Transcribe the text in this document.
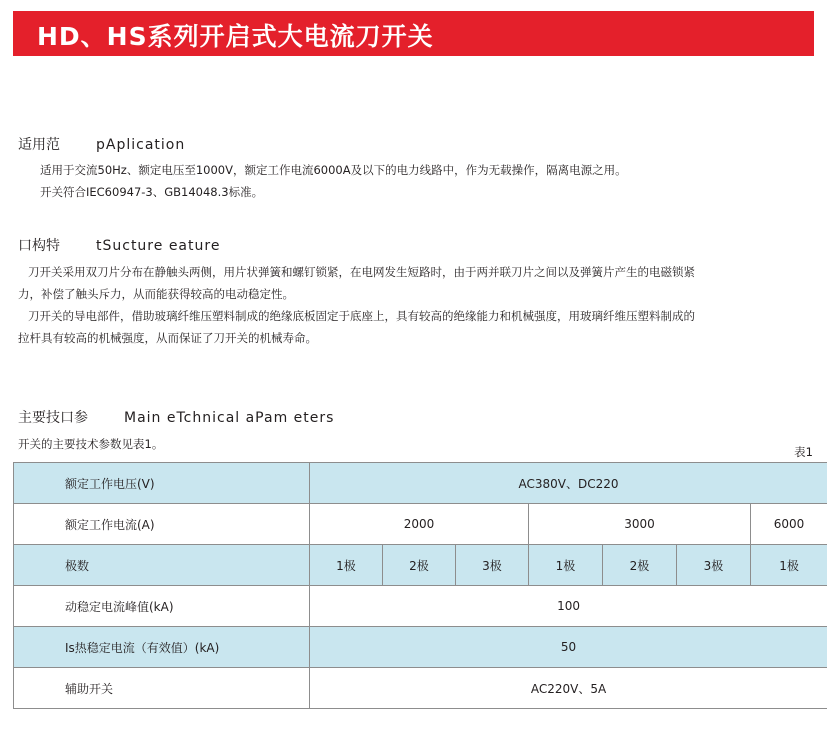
HD、HS系列开启式大电流刀开关
适用范	pAplication
适用于交流50Hz、额定电压至1000V，额定工作电流6000A及以下的电力线路中，作为无载操作，隔离电源之用。
开关符合IEC60947-3、GB14048.3标准。
口构特	tSucture eature
刀开关采用双刀片分布在静触头两侧，用片状弹簧和螺钉锁紧，在电网发生短路时，由于两并联刀片之间以及弹簧片产生的电磁锁紧
力，补偿了触头斥力，从而能获得较高的电动稳定性。
刀开关的导电部件，借助玻璃纤维压塑料制成的绝缘底板固定于底座上，具有较高的绝缘能力和机械强度，用玻璃纤维压塑料制成的
拉杆具有较高的机械强度，从而保证了刀开关的机械寿命。
主要技口参	Main eTchnical aPam eters
开关的主要技术参数见表1。
表1
额定工作电压(V)	AC380V、DC220						
额定工作电流(A)	2000			3000			6000
极数	1极	2极	3极	1极	2极	3极	1极
动稳定电流峰值(kA)	100						
Is热稳定电流（有效值）(kA)	50						
辅助开关	AC220V、5A						
